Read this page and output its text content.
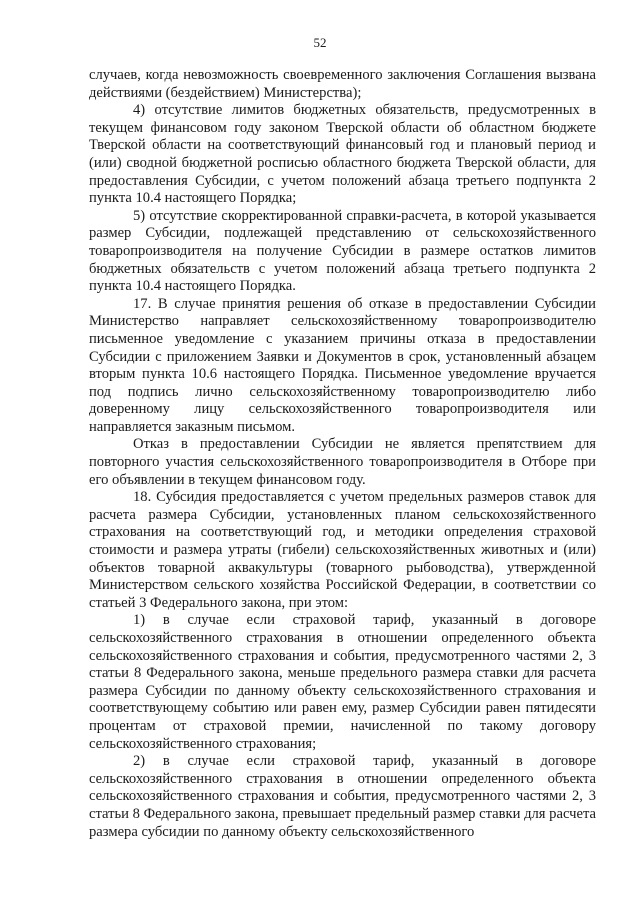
52

случаев, когда невозможность своевременного заключения Соглашения вызвана действиями (бездействием) Министерства);

4) отсутствие лимитов бюджетных обязательств, предусмотренных в текущем финансовом году законом Тверской области об областном бюджете Тверской области на соответствующий финансовый год и плановый период и (или) сводной бюджетной росписью областного бюджета Тверской области, для предоставления Субсидии, с учетом положений абзаца третьего подпункта 2 пункта 10.4 настоящего Порядка;

5) отсутствие скорректированной справки-расчета, в которой указывается размер Субсидии, подлежащей представлению от сельскохозяйственного товаропроизводителя на получение Субсидии в размере остатков лимитов бюджетных обязательств с учетом положений абзаца третьего подпункта 2 пункта 10.4 настоящего Порядка.

17. В случае принятия решения об отказе в предоставлении Субсидии Министерство направляет сельскохозяйственному товаропроизводителю письменное уведомление с указанием причины отказа в предоставлении Субсидии с приложением Заявки и Документов в срок, установленный абзацем вторым пункта 10.6 настоящего Порядка. Письменное уведомление вручается под подпись лично сельскохозяйственному товаропроизводителю либо доверенному лицу сельскохозяйственного товаропроизводителя или направляется заказным письмом.

Отказ в предоставлении Субсидии не является препятствием для повторного участия сельскохозяйственного товаропроизводителя в Отборе при его объявлении в текущем финансовом году.

18. Субсидия предоставляется с учетом предельных размеров ставок для расчета размера Субсидии, установленных планом сельскохозяйственного страхования на соответствующий год, и методики определения страховой стоимости и размера утраты (гибели) сельскохозяйственных животных и (или) объектов товарной аквакультуры (товарного рыбоводства), утвержденной Министерством сельского хозяйства Российской Федерации, в соответствии со статьей 3 Федерального закона, при этом:

1) в случае если страховой тариф, указанный в договоре сельскохозяйственного страхования в отношении определенного объекта сельскохозяйственного страхования и события, предусмотренного частями 2, 3 статьи 8 Федерального закона, меньше предельного размера ставки для расчета размера Субсидии по данному объекту сельскохозяйственного страхования и соответствующему событию или равен ему, размер Субсидии равен пятидесяти процентам от страховой премии, начисленной по такому договору сельскохозяйственного страхования;

2) в случае если страховой тариф, указанный в договоре сельскохозяйственного страхования в отношении определенного объекта сельскохозяйственного страхования и события, предусмотренного частями 2, 3 статьи 8 Федерального закона, превышает предельный размер ставки для расчета размера субсидии по данному объекту сельскохозяйственного
